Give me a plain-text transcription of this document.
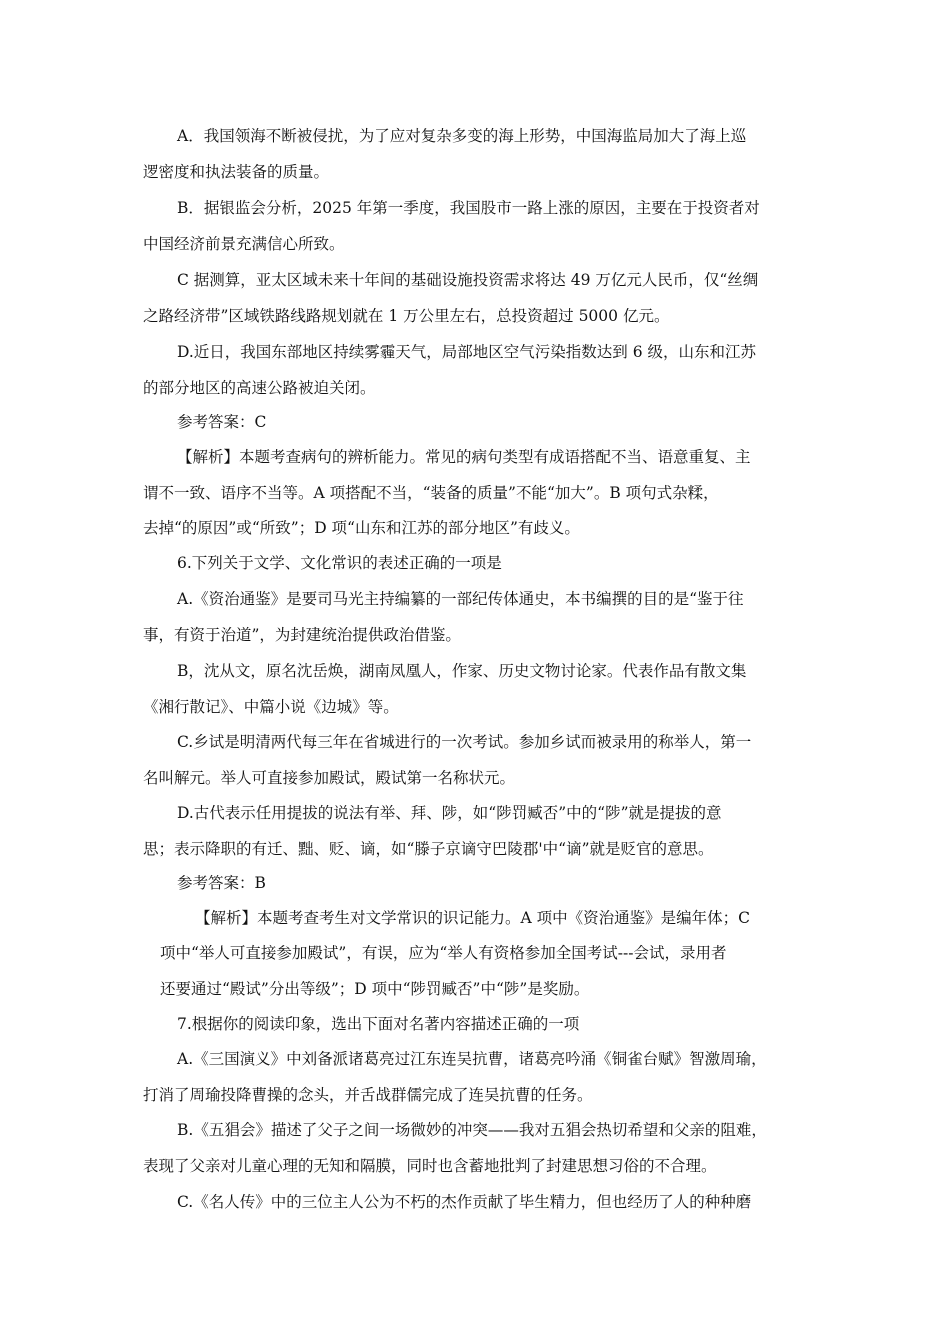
A．我国领海不断被侵扰，为了应对复杂多变的海上形势，中国海监局加大了海上巡
逻密度和执法装备的质量。
B．据银监会分析，2025 年第一季度，我国股市一路上涨的原因，主要在于投资者对
中国经济前景充满信心所致。
C 据测算，亚太区域未来十年间的基础设施投资需求将达 49 万亿元人民币，仅“丝绸
之路经济带”区域铁路线路规划就在 1 万公里左右，总投资超过 5000 亿元。
D.近日，我国东部地区持续雾霾天气，局部地区空气污染指数达到 6 级，山东和江苏
的部分地区的高速公路被迫关闭。
参考答案：C
【解析】本题考查病句的辨析能力。常见的病句类型有成语搭配不当、语意重复、主
谓不一致、语序不当等。A 项搭配不当，“装备的质量”不能“加大”。B 项句式杂糅，
去掉“的原因”或“所致”；D 项“山东和江苏的部分地区”有歧义。
6.下列关于文学、文化常识的表述正确的一项是
A.《资治通鉴》是要司马光主持编纂的一部纪传体通史，本书编撰的目的是“鉴于往
事，有资于治道”，为封建统治提供政治借鉴。
B，沈从文，原名沈岳焕，湖南凤凰人，作家、历史文物讨论家。代表作品有散文集
《湘行散记》、中篇小说《边城》等。
C.乡试是明清两代每三年在省城进行的一次考试。参加乡试而被录用的称举人，第一
名叫解元。举人可直接参加殿试，殿试第一名称状元。
D.古代表示任用提拔的说法有举、拜、陟，如“陟罚臧否”中的“陟”就是提拔的意
思；表示降职的有迁、黜、贬、谪，如“滕子京谪守巴陵郡'中“谪”就是贬官的意思。
参考答案：B
【解析】本题考查考生对文学常识的识记能力。A 项中《资治通鉴》是编年体；C
项中“举人可直接参加殿试”，有误，应为“举人有资格参加全国考试---会试，录用者
还要通过“殿试”分出等级”；D 项中“陟罚臧否”中“陟”是奖励。
7.根据你的阅读印象，选出下面对名著内容描述正确的一项
A.《三国演义》中刘备派诸葛亮过江东连吴抗曹，诸葛亮吟涌《铜雀台赋》智激周瑜，
打消了周瑜投降曹操的念头，并舌战群儒完成了连吴抗曹的任务。
B.《五猖会》描述了父子之间一场微妙的冲突——我对五猖会热切希望和父亲的阻难，
表现了父亲对儿童心理的无知和隔膜，同时也含蓄地批判了封建思想习俗的不合理。
C.《名人传》中的三位主人公为不朽的杰作贡献了毕生精力，但也经历了人的种种磨
